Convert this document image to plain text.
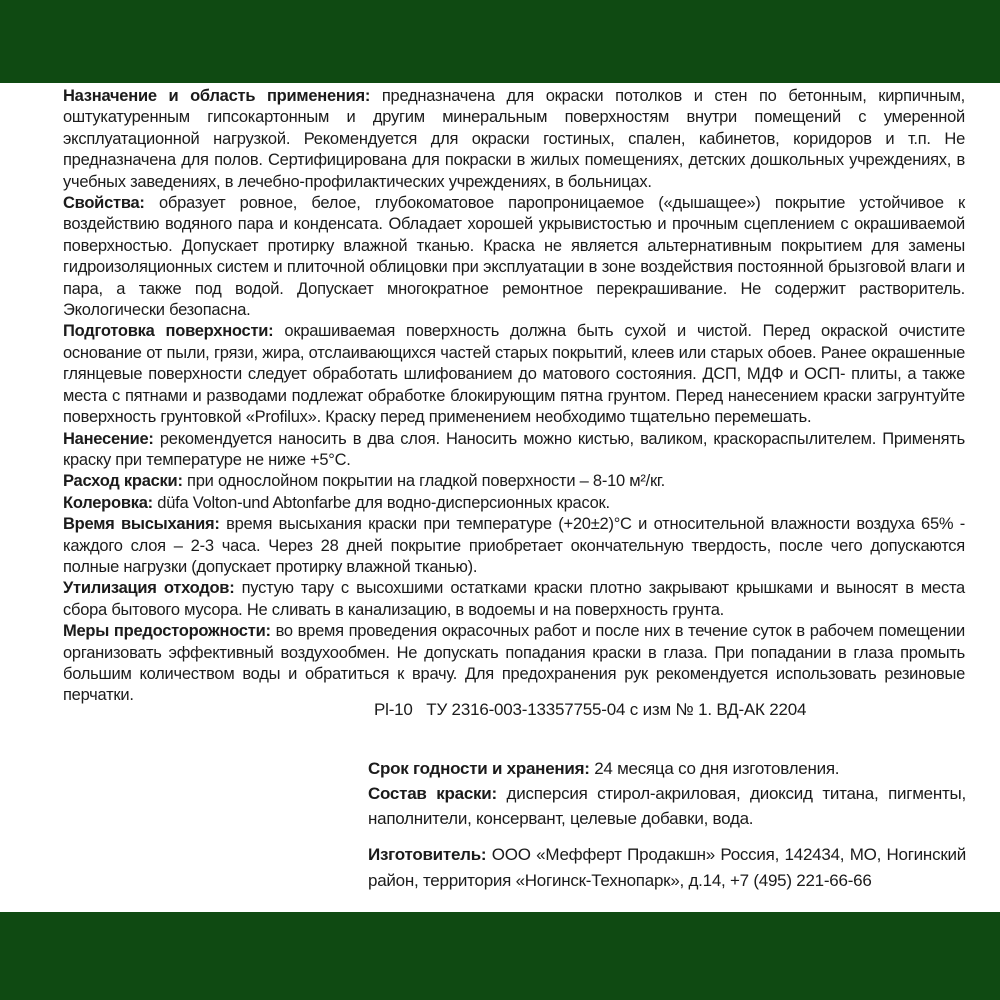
Назначение и область применения: предназначена для окраски потолков и стен по бетонным, кирпичным, оштукатуренным гипсокартонным и другим минеральным поверхностям внутри помещений с умеренной эксплуатационной нагрузкой. Рекомендуется для окраски гостиных, спален, кабинетов, коридоров и т.п. Не предназначена для полов. Сертифицирована для покраски в жилых помещениях, детских дошкольных учреждениях, в учебных заведениях, в лечебно-профилактических учреждениях, в больницах.

Свойства: образует ровное, белое, глубокоматовое паропроницаемое («дышащее») покрытие устойчивое к воздействию водяного пара и конденсата. Обладает хорошей укрывистостью и прочным сцеплением с окрашиваемой поверхностью. Допускает протирку влажной тканью. Краска не является альтернативным покрытием для замены гидроизоляционных систем и плиточной облицовки при эксплуатации в зоне воздействия постоянной брызговой влаги и пара, а также под водой. Допускает многократное ремонтное перекрашивание. Не содержит растворитель. Экологически безопасна.

Подготовка поверхности: окрашиваемая поверхность должна быть сухой и чистой. Перед окраской очистите основание от пыли, грязи, жира, отслаивающихся частей старых покрытий, клеев или старых обоев. Ранее окрашенные глянцевые поверхности следует обработать шлифованием до матового состояния. ДСП, МДФ и ОСП- плиты, а также места с пятнами и разводами подлежат обработке блокирующим пятна грунтом. Перед нанесением краски загрунтуйте поверхность грунтовкой «Profilux». Краску перед применением необходимо тщательно перемешать.

Нанесение: рекомендуется наносить в два слоя. Наносить можно кистью, валиком, краскораспылителем. Применять краску при температуре не ниже +5°С.

Расход краски: при однослойном покрытии на гладкой поверхности – 8-10 м²/кг.

Колеровка: düfa Volton-und Abtonfarbe для водно-дисперсионных красок.

Время высыхания: время высыхания краски при температуре (+20±2)°С и относительной влажности воздуха 65% - каждого слоя – 2-3 часа. Через 28 дней покрытие приобретает окончательную твердость, после чего допускаются полные нагрузки (допускает протирку влажной тканью).

Утилизация отходов: пустую тару с высохшими остатками краски плотно закрывают крышками и выносят в места сбора бытового мусора. Не сливать в канализацию, в водоемы и на поверхность грунта.

Меры предосторожности: во время проведения окрасочных работ и после них в течение суток в рабочем помещении организовать эффективный воздухообмен. Не допускать попадания краски в глаза. При попадании в глаза промыть большим количеством воды и обратиться к врачу. Для предохранения рук рекомендуется использовать резиновые перчатки.

Pl-10   ТУ 2316-003-13357755-04 с изм № 1. ВД-АК 2204

Срок годности и хранения: 24 месяца со дня изготовления.

Состав краски: дисперсия стирол-акриловая, диоксид титана, пигменты, наполнители, консервант, целевые добавки, вода.

Изготовитель: ООО «Мефферт Продакшн» Россия, 142434, МО, Ногинский район, территория «Ногинск-Технопарк», д.14, +7 (495) 221-66-66
